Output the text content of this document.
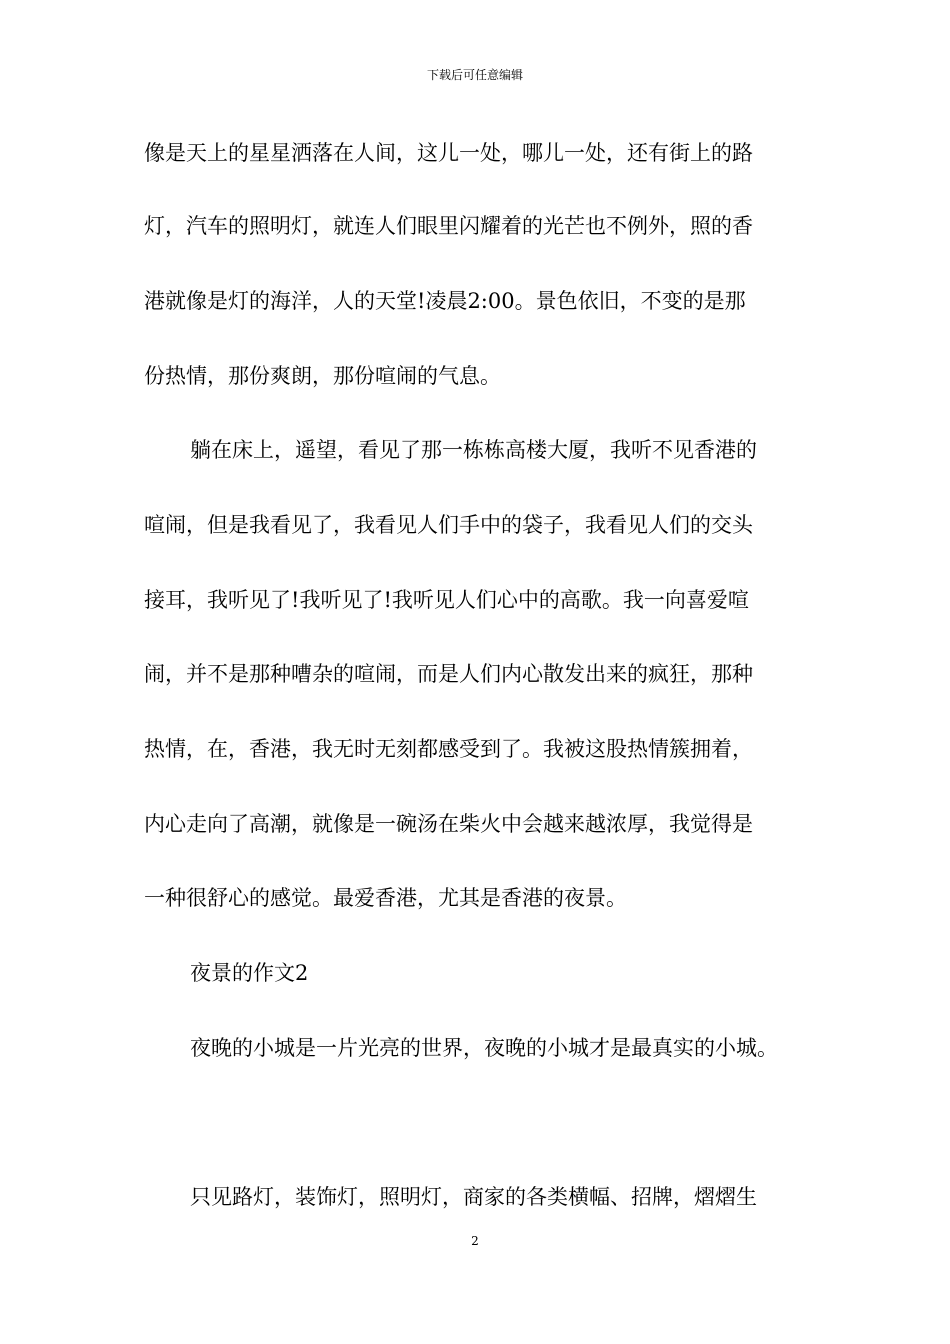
下载后可任意编辑
像是天上的星星洒落在人间，这儿一处，哪儿一处，还有街上的路
灯，汽车的照明灯，就连人们眼里闪耀着的光芒也不例外，照的香
港就像是灯的海洋，人的天堂!凌晨2:00。景色依旧，不变的是那
份热情，那份爽朗，那份喧闹的气息。
躺在床上，遥望，看见了那一栋栋高楼大厦，我听不见香港的
喧闹，但是我看见了，我看见人们手中的袋子，我看见人们的交头
接耳，我听见了!我听见了!我听见人们心中的高歌。我一向喜爱喧
闹，并不是那种嘈杂的喧闹，而是人们内心散发出来的疯狂，那种
热情，在，香港，我无时无刻都感受到了。我被这股热情簇拥着，
内心走向了高潮，就像是一碗汤在柴火中会越来越浓厚，我觉得是
一种很舒心的感觉。最爱香港，尤其是香港的夜景。
夜景的作文2
夜晚的小城是一片光亮的世界，夜晚的小城才是最真实的小城。
只见路灯，装饰灯，照明灯，商家的各类横幅、招牌，熠熠生
2
